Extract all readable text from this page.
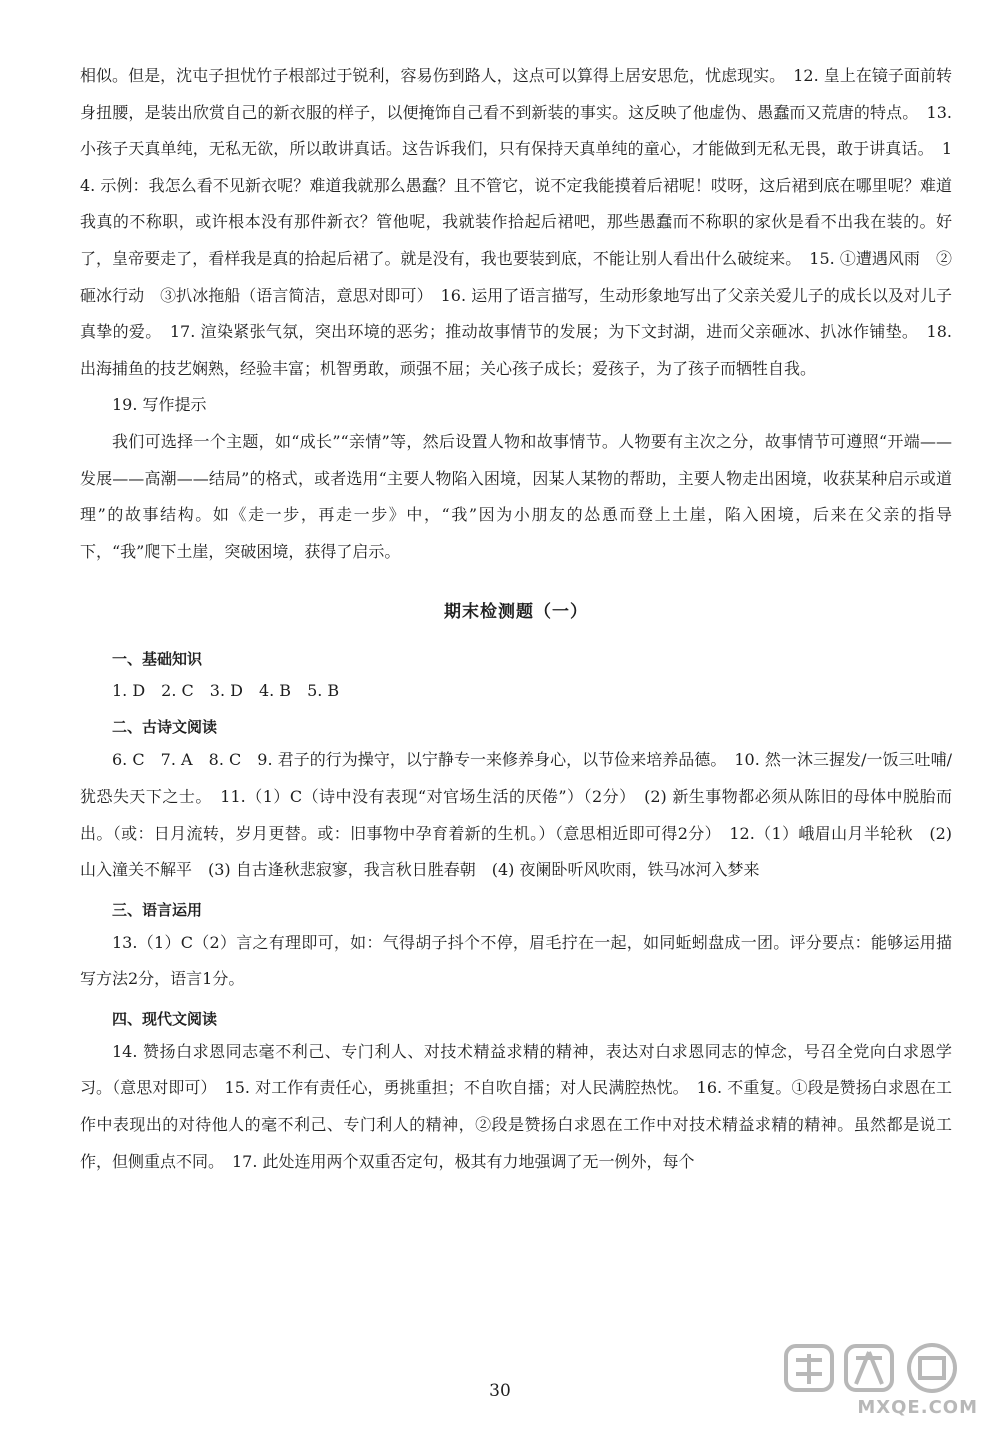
相似。但是，沈屯子担忧竹子根部过于锐利，容易伤到路人，这点可以算得上居安思危，忧虑现实。　12. 皇上在镜子面前转身扭腰，是装出欣赏自己的新衣服的样子，以便掩饰自己看不到新装的事实。这反映了他虚伪、愚蠢而又荒唐的特点。　13. 小孩子天真单纯，无私无欲，所以敢讲真话。这告诉我们，只有保持天真单纯的童心，才能做到无私无畏，敢于讲真话。　14. 示例：我怎么看不见新衣呢？难道我就那么愚蠢？且不管它，说不定我能摸着后裙呢！哎呀，这后裙到底在哪里呢？难道我真的不称职，或许根本没有那件新衣？管他呢，我就装作拾起后裙吧，那些愚蠢而不称职的家伙是看不出我在装的。好了，皇帝要走了，看样我是真的拾起后裙了。就是没有，我也要装到底，不能让别人看出什么破绽来。　15. ①遭遇风雨　②砸冰行动　③扒冰拖船（语言简洁，意思对即可）　16. 运用了语言描写，生动形象地写出了父亲关爱儿子的成长以及对儿子真挚的爱。　17. 渲染紧张气氛，突出环境的恶劣；推动故事情节的发展；为下文封湖，进而父亲砸冰、扒冰作铺垫。　18. 出海捕鱼的技艺娴熟，经验丰富；机智勇敢，顽强不屈；关心孩子成长；爱孩子，为了孩子而牺牲自我。

19. 写作提示

我们可选择一个主题，如“成长”“亲情”等，然后设置人物和故事情节。人物要有主次之分，故事情节可遵照“开端——发展——高潮——结局”的格式，或者选用“主要人物陷入困境，因某人某物的帮助，主要人物走出困境，收获某种启示或道理”的故事结构。如《走一步，再走一步》中，“我”因为小朋友的怂恿而登上土崖，陷入困境，后来在父亲的指导下，“我”爬下土崖，突破困境，获得了启示。

期末检测题（一）
一、基础知识
1. D　2. C　3. D　4. B　5. B
二、古诗文阅读

6. C　7. A　8. C　9. 君子的行为操守，以宁静专一来修养身心，以节俭来培养品德。　10. 然一沐三握发/一饭三吐哺/犹恐失天下之士。　11.（1）C（诗中没有表现“对官场生活的厌倦”）（2分）　(2) 新生事物都必须从陈旧的母体中脱胎而出。（或：日月流转，岁月更替。或：旧事物中孕育着新的生机。）（意思相近即可得2分）　12.（1）峨眉山月半轮秋　(2) 山入潼关不解平　(3) 自古逢秋悲寂寥，我言秋日胜春朝　(4) 夜阑卧听风吹雨，铁马冰河入梦来

三、语言运用

13.（1）C（2）言之有理即可，如：气得胡子抖个不停，眉毛拧在一起，如同蚯蚓盘成一团。评分要点：能够运用描写方法2分，语言1分。

四、现代文阅读

14. 赞扬白求恩同志毫不利己、专门利人、对技术精益求精的精神，表达对白求恩同志的悼念，号召全党向白求恩学习。（意思对即可）　15. 对工作有责任心，勇挑重担；不自吹自擂；对人民满腔热忱。　16. 不重复。①段是赞扬白求恩在工作中表现出的对待他人的毫不利己、专门利人的精神，②段是赞扬白求恩在工作中对技术精益求精的精神。虽然都是说工作，但侧重点不同。　17. 此处连用两个双重否定句，极其有力地强调了无一例外，每个

30
MXQE.COM
